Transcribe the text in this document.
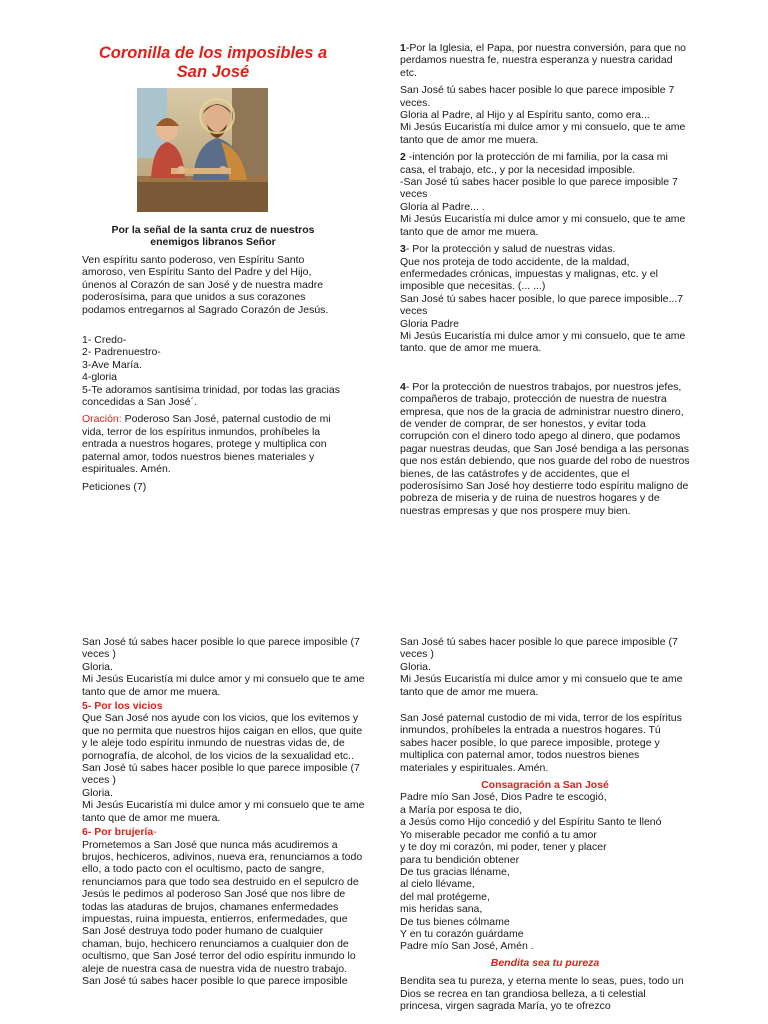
Coronilla de los imposibles a
San José
Por la señal de la santa cruz de nuestros enemigos libranos Señor

Ven espíritu santo poderoso, ven Espíritu Santo amoroso, ven Espíritu Santo del Padre y del Hijo, únenos al Corazón de san José y de nuestra madre poderosísima, para que unidos a sus corazones podamos entregarnos al Sagrado Corazón de Jesús.

1- Credo-
2- Padrenuestro-
3-Ave María.
4-gloria
5-Te adoramos santísima trinidad, por todas las gracias concedidas a San José´.

Oración: Poderoso San José, paternal custodio de mi vida, terror de los espíritus inmundos, prohíbeles la entrada a nuestros hogares, protege y multiplica con paternal amor, todos nuestros bienes materiales y espirituales. Amén.

Peticiones (7)

1-Por la Iglesia, el Papa, por nuestra conversión, para que no perdamos nuestra fe, nuestra esperanza y nuestra caridad etc.

San José tú sabes hacer posible lo que parece imposible 7 veces.
Gloria al Padre, al Hijo y al Espíritu santo, como era...
Mi Jesús Eucaristía mi dulce amor y mi consuelo, que te ame tanto que de amor me muera.

2 -intención por la protección de mi familia, por la casa mi casa, el trabajo, etc., y por la necesidad imposible.

-San José tú sabes hacer posible lo que parece imposible 7 veces
Gloria al Padre... .
Mi Jesús Eucaristía mi dulce amor y mi consuelo, que te ame tanto que de amor me muera.

3- Por la protección y salud de nuestras vidas.

Que nos proteja de todo accidente, de la maldad, enfermedades crónicas, impuestas y malignas, etc. y el imposible que necesitas. (... ...)
San José tú sabes hacer posible, lo que parece imposible...7 veces
Gloria Padre
Mi Jesús Eucaristía mi dulce amor y mi consuelo, que te ame tanto. que de amor me muera.

4- Por la protección de nuestros trabajos, por nuestros jefes, compañeros de trabajo, protección de nuestra de nuestra empresa, que nos de la gracia de administrar nuestro dinero, de vender de comprar, de ser honestos, y evitar toda corrupción con el dinero todo apego al dinero, que podamos pagar nuestras deudas, que San José bendiga a las personas que nos están debiendo, que nos guarde del robo de nuestros bienes, de las catástrofes y de accidentes, que el poderosísimo San José hoy destierre todo espíritu maligno de pobreza de miseria y de ruina de nuestros hogares y de nuestras empresas y que nos prospere muy bien.

San José tú sabes hacer posible lo que parece imposible (7 veces )
Gloria.
Mi Jesús Eucaristía mi dulce amor y mi consuelo que te ame tanto que de amor me muera.

5- Por los vicios

Que San José nos ayude con los vicios, que los evitemos y que no permita que nuestros hijos caigan en ellos, que quite y le aleje todo espíritu inmundo de nuestras vidas de, de pornografía, de alcohol, de los vicios de la sexualidad etc..

San José tú sabes hacer posible lo que parece imposible (7 veces )
Gloria.
Mi Jesús Eucaristía mi dulce amor y mi consuelo que te ame tanto que de amor me muera.

6- Por brujería-

Prometemos a San José que nunca más acudiremos a brujos, hechiceros, adivinos, nueva era, renunciamos a todo ello, a todo pacto con el ocultismo, pacto de sangre, renunciamos para que todo sea destruido en el sepulcro de Jesús le pedimos al poderoso San José que nos libre de todas las ataduras de brujos, chamanes enfermedades impuestas, ruina impuesta, entierros, enfermedades, que San José destruya todo poder humano de cualquier chaman, bujo, hechicero renunciamos a cualquier don de ocultismo, que San José terror del odio espíritu inmundo lo aleje de nuestra casa de nuestra vida de nuestro trabajo.

San José tú sabes hacer posible lo que parece imposible

San José tú sabes hacer posible lo que parece imposible (7 veces )
Gloria.
Mi Jesús Eucaristía mi dulce amor y mi consuelo que te ame tanto que de amor me muera.

San José paternal custodio de mi vida, terror de los espíritus inmundos, prohíbeles la entrada a nuestros hogares. Tú sabes hacer posible, lo que parece imposible, protege y multiplica con paternal amor, todos nuestros bienes materiales y espirituales. Amén.

Consagración a San José
Padre mío San José, Dios Padre te escogió,
a María por esposa te dio,
a Jesús como Hijo concedió y del Espíritu Santo te llenó
Yo miserable pecador me confió a tu amor
y te doy mi corazón, mi poder, tener y placer
para tu bendición obtener
De tus gracias lléname,
al cielo llévame,
del mal protégeme,
mis heridas sana,
De tus bienes cólmame
Y en tu corazón guárdame
Padre mío San José, Amén .
Bendita sea tu pureza

Bendita sea tu pureza, y eterna mente lo seas, pues, todo un Dios se recrea en tan grandiosa belleza, a ti celestial princesa, virgen sagrada María, yo te ofrezco
